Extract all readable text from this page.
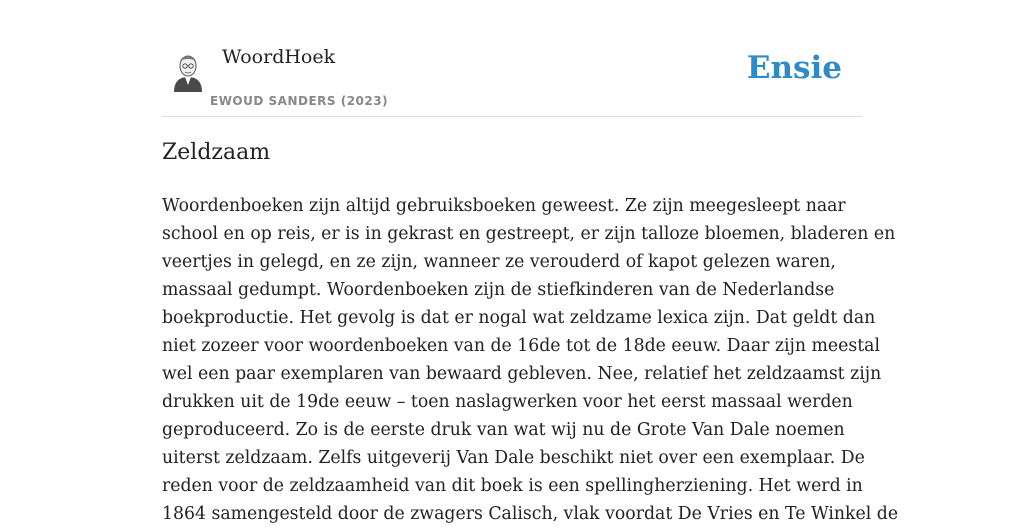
WoordHoek
EWOUD SANDERS (2023)
Ensie
Zeldzaam
Woordenboeken zijn altijd gebruiksboeken geweest. Ze zijn meegesleept naar
school en op reis, er is in gekrast en gestreept, er zijn talloze bloemen, bladeren en
veertjes in gelegd, en ze zijn, wanneer ze verouderd of kapot gelezen waren,
massaal gedumpt. Woordenboeken zijn de stiefkinderen van de Nederlandse
boekproductie. Het gevolg is dat er nogal wat zeldzame lexica zijn. Dat geldt dan
niet zozeer voor woordenboeken van de 16de tot de 18de eeuw. Daar zijn meestal
wel een paar exemplaren van bewaard gebleven. Nee, relatief het zeldzaamst zijn
drukken uit de 19de eeuw – toen naslagwerken voor het eerst massaal werden
geproduceerd. Zo is de eerste druk van wat wij nu de Grote Van Dale noemen
uiterst zeldzaam. Zelfs uitgeverij Van Dale beschikt niet over een exemplaar. De
reden voor de zeldzaamheid van dit boek is een spellingherziening. Het werd in
1864 samengesteld door de zwagers Calisch, vlak voordat De Vries en Te Winkel de
